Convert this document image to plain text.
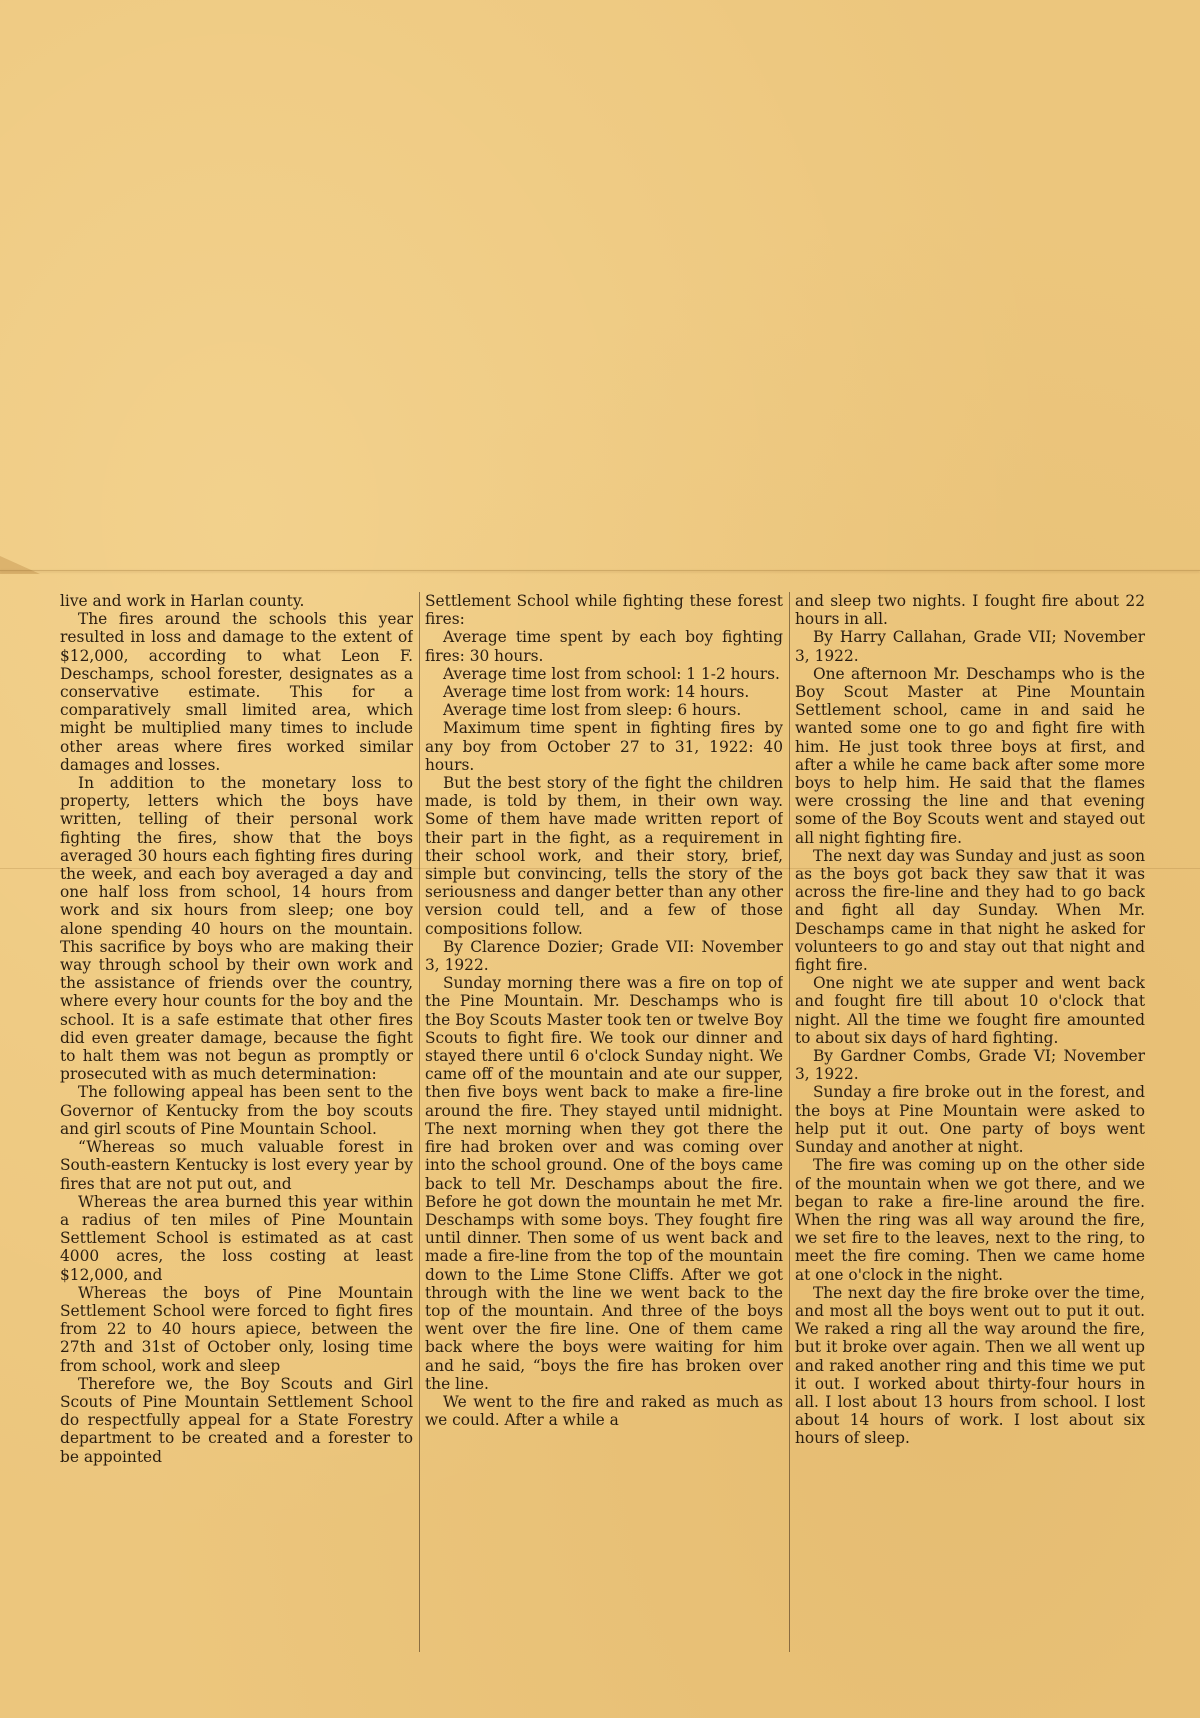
live and work in Harlan county.

The fires around the schools this year resulted in loss and damage to the extent of $12,000, according to what Leon F. Deschamps, school forester, designates as a conservative estimate. This for a comparatively small limited area, which might be multiplied many times to include other areas where fires worked similar damages and losses.

In addition to the monetary loss to property, letters which the boys have written, telling of their personal work fighting the fires, show that the boys averaged 30 hours each fighting fires during the week, and each boy averaged a day and one half loss from school, 14 hours from work and six hours from sleep; one boy alone spending 40 hours on the mountain. This sacrifice by boys who are making their way through school by their own work and the assistance of friends over the country, where every hour counts for the boy and the school. It is a safe estimate that other fires did even greater damage, because the fight to halt them was not begun as promptly or prosecuted with as much determination:

The following appeal has been sent to the Governor of Kentucky from the boy scouts and girl scouts of Pine Mountain School.

“Whereas so much valuable forest in South-eastern Kentucky is lost every year by fires that are not put out, and

Whereas the area burned this year within a radius of ten miles of Pine Mountain Settlement School is estimated as at cast 4000 acres, the loss costing at least $12,000, and

Whereas the boys of Pine Mountain Settlement School were forced to fight fires from 22 to 40 hours apiece, between the 27th and 31st of October only, losing time from school, work and sleep

Therefore we, the Boy Scouts and Girl Scouts of Pine Mountain Settlement School do respectfully appeal for a State Forestry department to be created and a forester to be appointed

Settlement School while fighting these forest fires:

Average time spent by each boy fighting fires: 30 hours.

Average time lost from school: 1 1-2 hours.

Average time lost from work: 14 hours.

Average time lost from sleep: 6 hours.

Maximum time spent in fighting fires by any boy from October 27 to 31, 1922: 40 hours.

But the best story of the fight the children made, is told by them, in their own way. Some of them have made written report of their part in the fight, as a requirement in their school work, and their story, brief, simple but convincing, tells the story of the seriousness and danger better than any other version could tell, and a few of those compositions follow.

By Clarence Dozier; Grade VII: November 3, 1922.

Sunday morning there was a fire on top of the Pine Mountain. Mr. Deschamps who is the Boy Scouts Master took ten or twelve Boy Scouts to fight fire. We took our dinner and stayed there until 6 o'clock Sunday night. We came off of the mountain and ate our supper, then five boys went back to make a fire-line around the fire. They stayed until midnight. The next morning when they got there the fire had broken over and was coming over into the school ground. One of the boys came back to tell Mr. Deschamps about the fire. Before he got down the mountain he met Mr. Deschamps with some boys. They fought fire until dinner. Then some of us went back and made a fire-line from the top of the mountain down to the Lime Stone Cliffs. After we got through with the line we went back to the top of the mountain. And three of the boys went over the fire line. One of them came back where the boys were waiting for him and he said, “boys the fire has broken over the line.

We went to the fire and raked as much as we could. After a while a

and sleep two nights. I fought fire about 22 hours in all.

By Harry Callahan, Grade VII; November 3, 1922.

One afternoon Mr. Deschamps who is the Boy Scout Master at Pine Mountain Settlement school, came in and said he wanted some one to go and fight fire with him. He just took three boys at first, and after a while he came back after some more boys to help him. He said that the flames were crossing the line and that evening some of the Boy Scouts went and stayed out all night fighting fire.

The next day was Sunday and just as soon as the boys got back they saw that it was across the fire-line and they had to go back and fight all day Sunday. When Mr. Deschamps came in that night he asked for volunteers to go and stay out that night and fight fire.

One night we ate supper and went back and fought fire till about 10 o'clock that night. All the time we fought fire amounted to about six days of hard fighting.

By Gardner Combs, Grade VI; November 3, 1922.

Sunday a fire broke out in the forest, and the boys at Pine Mountain were asked to help put it out. One party of boys went Sunday and another at night.

The fire was coming up on the other side of the mountain when we got there, and we began to rake a fire-line around the fire. When the ring was all way around the fire, we set fire to the leaves, next to the ring, to meet the fire coming. Then we came home at one o'clock in the night.

The next day the fire broke over the time, and most all the boys went out to put it out. We raked a ring all the way around the fire, but it broke over again. Then we all went up and raked another ring and this time we put it out. I worked about thirty-four hours in all. I lost about 13 hours from school. I lost about 14 hours of work. I lost about six hours of sleep.
